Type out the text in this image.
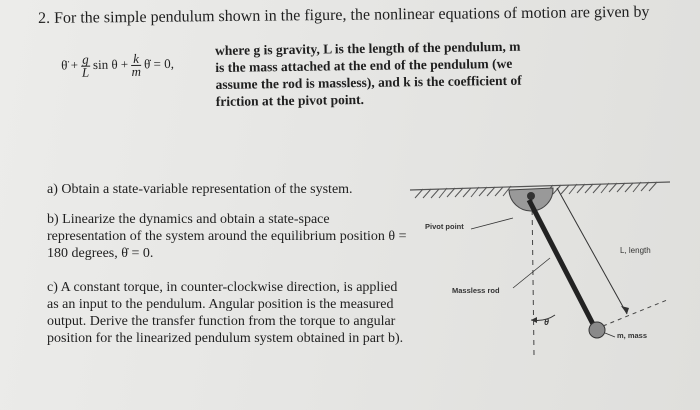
2. For the simple pendulum shown in the figure, the nonlinear equations of motion are given by
θ̈ + $\frac{g}{L}$ $\sin \theta + \frac{k}{m}$ θ̇ = 0,
where g is gravity, L is the length of the pendulum, m
is the mass attached at the end of the pendulum (we
assume the rod is massless), and k is the coefficient of
friction at the pivot point.
a) Obtain a state-variable representation of the system.
b) Linearize the dynamics and obtain a state-space representation of the system around the equilibrium position θ = 180 degrees, θ̇ = 0.
c) A constant torque, in counter-clockwise direction, is applied as an input to the pendulum. Angular position is the measured output. Derive the transfer function from the torque to angular position for the linearized pendulum system obtained in part b).
Pivot point
L, length
Massless rod
θ
m, mass
